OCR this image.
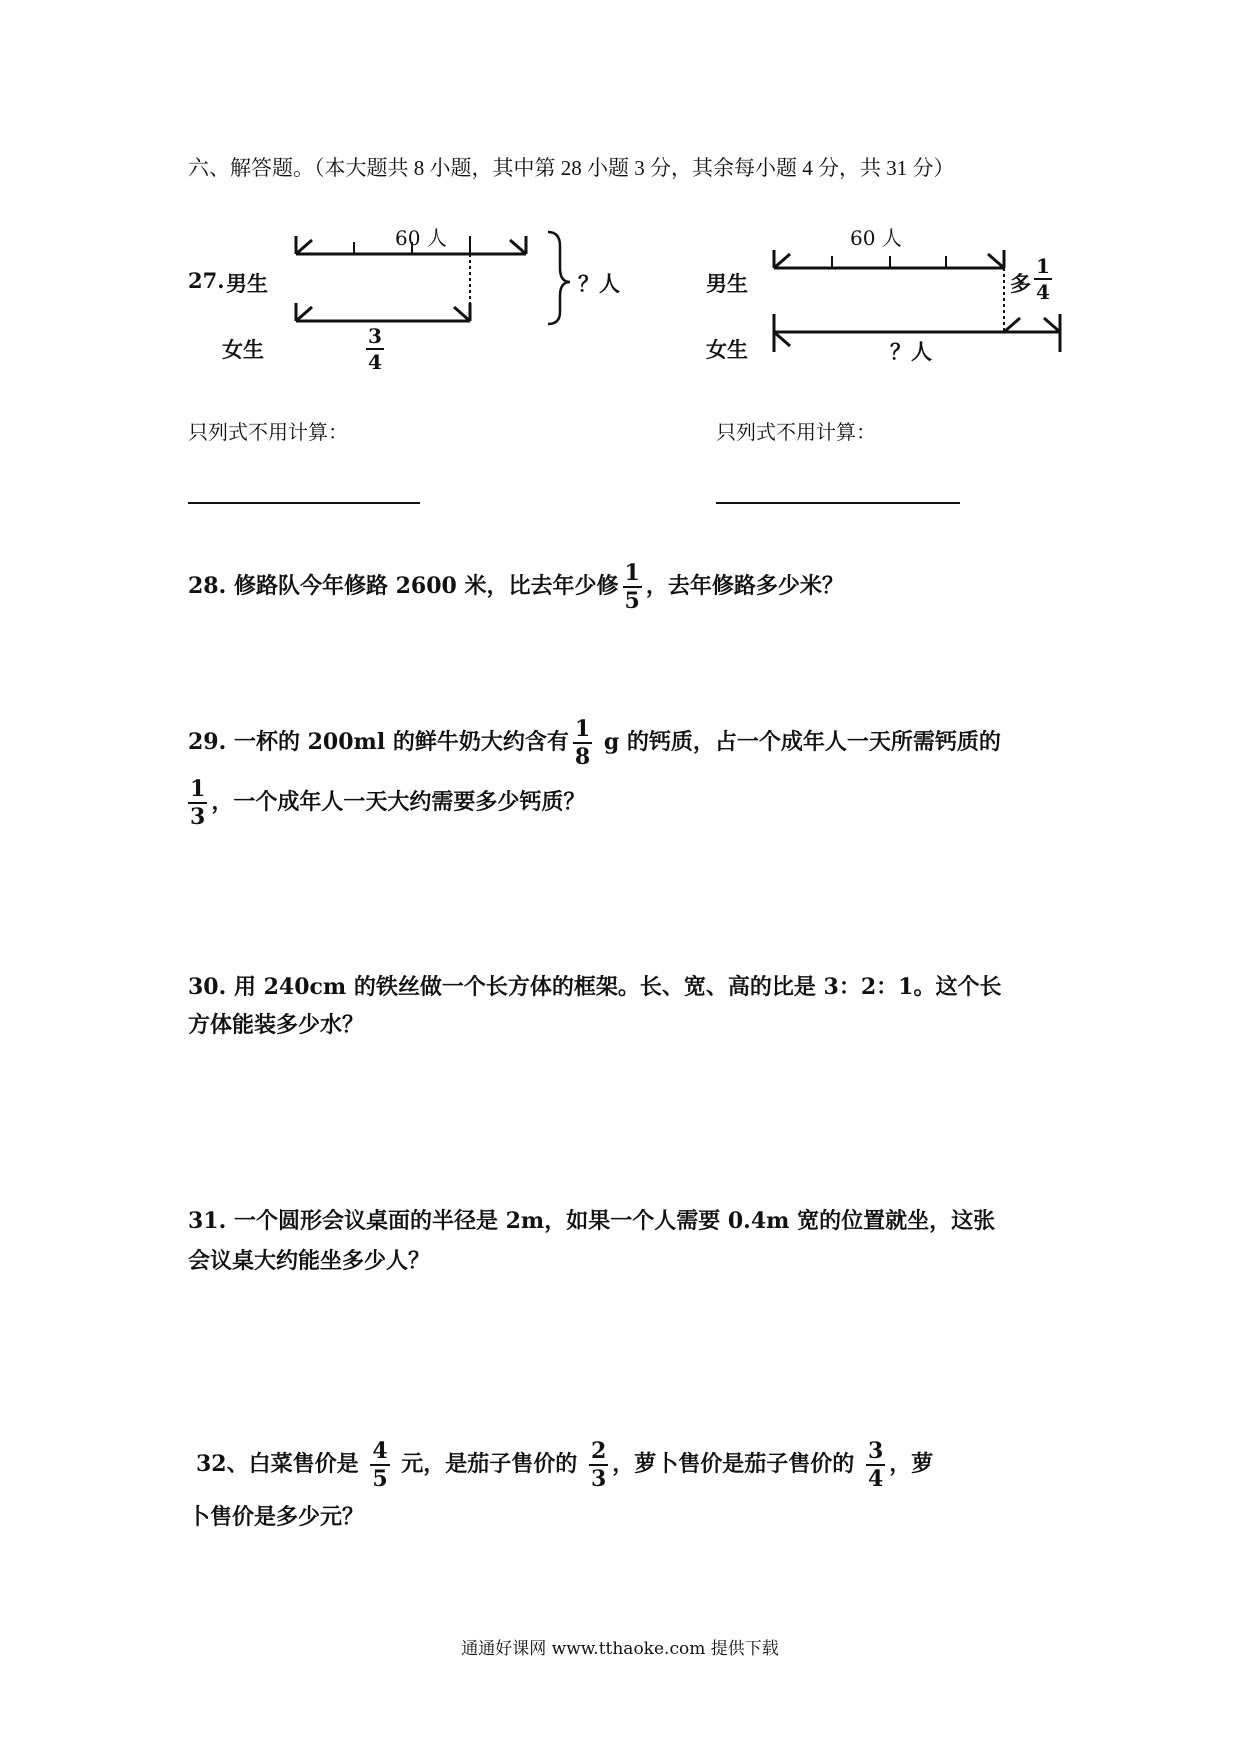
六、解答题。（本大题共 8 小题，其中第 28 小题 3 分，其余每小题 4 分，共 31 分）
27. 男生
女生
男生
女生
60 人
$\frac{3}{4}$
？人
60 人
多 $\frac{1}{4}$
？人
只列式不用计算：	只列式不用计算：
28. 修路队今年修路 2600 米，比去年少修 $\frac{1}{5}$ ，去年修路多少米？
29. 一杯的 200ml 的鲜牛奶大约含有 $\frac{1}{8}$ g 的钙质，占一个成年人一天所需钙质的
$\frac{1}{3}$ ，一个成年人一天大约需要多少钙质？
30. 用 240cm 的铁丝做一个长方体的框架。长、宽、高的比是 3：2：1。这个长
方体能装多少水？
31. 一个圆形会议桌面的半径是 2m，如果一个人需要 0.4m 宽的位置就坐，这张
会议桌大约能坐多少人？
32、白菜售价是 $\frac{4}{5}$ 元，是茄子售价的 $\frac{2}{3}$ ，萝卜售价是茄子售价的 $\frac{3}{4}$ ，萝
卜售价是多少元？
通通好课网 www.tthaoke.com 提供下载
